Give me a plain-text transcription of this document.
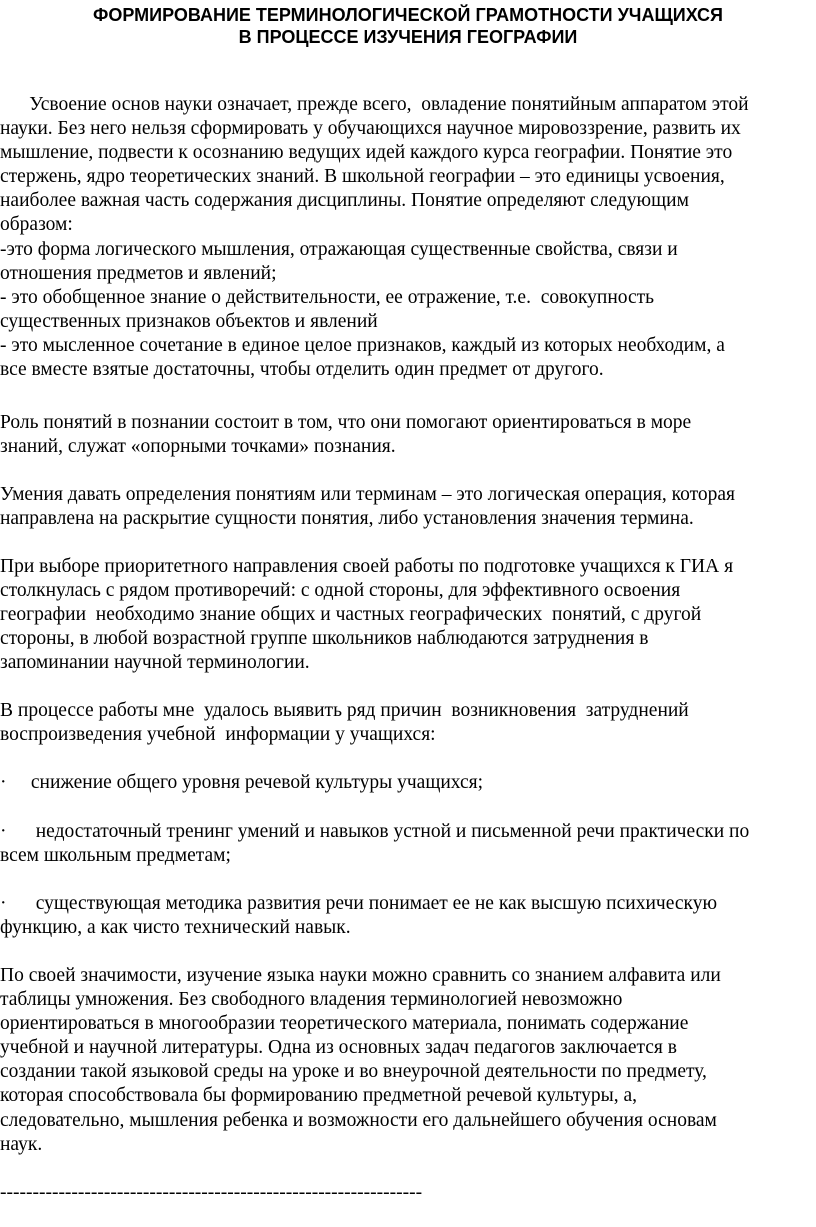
ФОРМИРОВАНИЕ ТЕРМИНОЛОГИЧЕСКОЙ ГРАМОТНОСТИ УЧАЩИХСЯ
В ПРОЦЕССЕ ИЗУЧЕНИЯ ГЕОГРАФИИ
Усвоение основ науки означает, прежде всего,  овладение понятийным аппаратом этой
науки. Без него нельзя сформировать у обучающихся научное мировоззрение, развить их
мышление, подвести к осознанию ведущих идей каждого курса географии. Понятие это
стержень, ядро теоретических знаний. В школьной географии – это единицы усвоения,
наиболее важная часть содержания дисциплины. Понятие определяют следующим
образом:
-это форма логического мышления, отражающая существенные свойства, связи и
отношения предметов и явлений;
- это обобщенное знание о действительности, ее отражение, т.е.  совокупность
существенных признаков объектов и явлений
- это мысленное сочетание в единое целое признаков, каждый из которых необходим, а
все вместе взятые достаточны, чтобы отделить один предмет от другого.
Роль понятий в познании состоит в том, что они помогают ориентироваться в море
знаний, служат «опорными точками» познания.
Умения давать определения понятиям или терминам – это логическая операция, которая
направлена на раскрытие сущности понятия, либо установления значения термина.
При выборе приоритетного направления своей работы по подготовке учащихся к ГИА я
столкнулась с рядом противоречий: с одной стороны, для эффективного освоения
географии  необходимо знание общих и частных географических  понятий, с другой
стороны, в любой возрастной группе школьников наблюдаются затруднения в
запоминании научной терминологии.
В процессе работы мне  удалось выявить ряд причин  возникновения  затруднений
воспроизведения учебной  информации у учащихся:
·     снижение общего уровня речевой культуры учащихся;
·      недостаточный тренинг умений и навыков устной и письменной речи практически по
всем школьным предметам;
·      существующая методика развития речи понимает ее не как высшую психическую
функцию, а как чисто технический навык.
По своей значимости, изучение языка науки можно сравнить со знанием алфавита или
таблицы умножения. Без свободного владения терминологией невозможно
ориентироваться в многообразии теоретического материала, понимать содержание
учебной и научной литературы. Одна из основных задач педагогов заключается в
создании такой языковой среды на уроке и во внеурочной деятельности по предмету,
которая способствовала бы формированию предметной речевой культуры, а,
следовательно, мышления ребенка и возможности его дальнейшего обучения основам
наук.
-----------------------------------------------------------------
